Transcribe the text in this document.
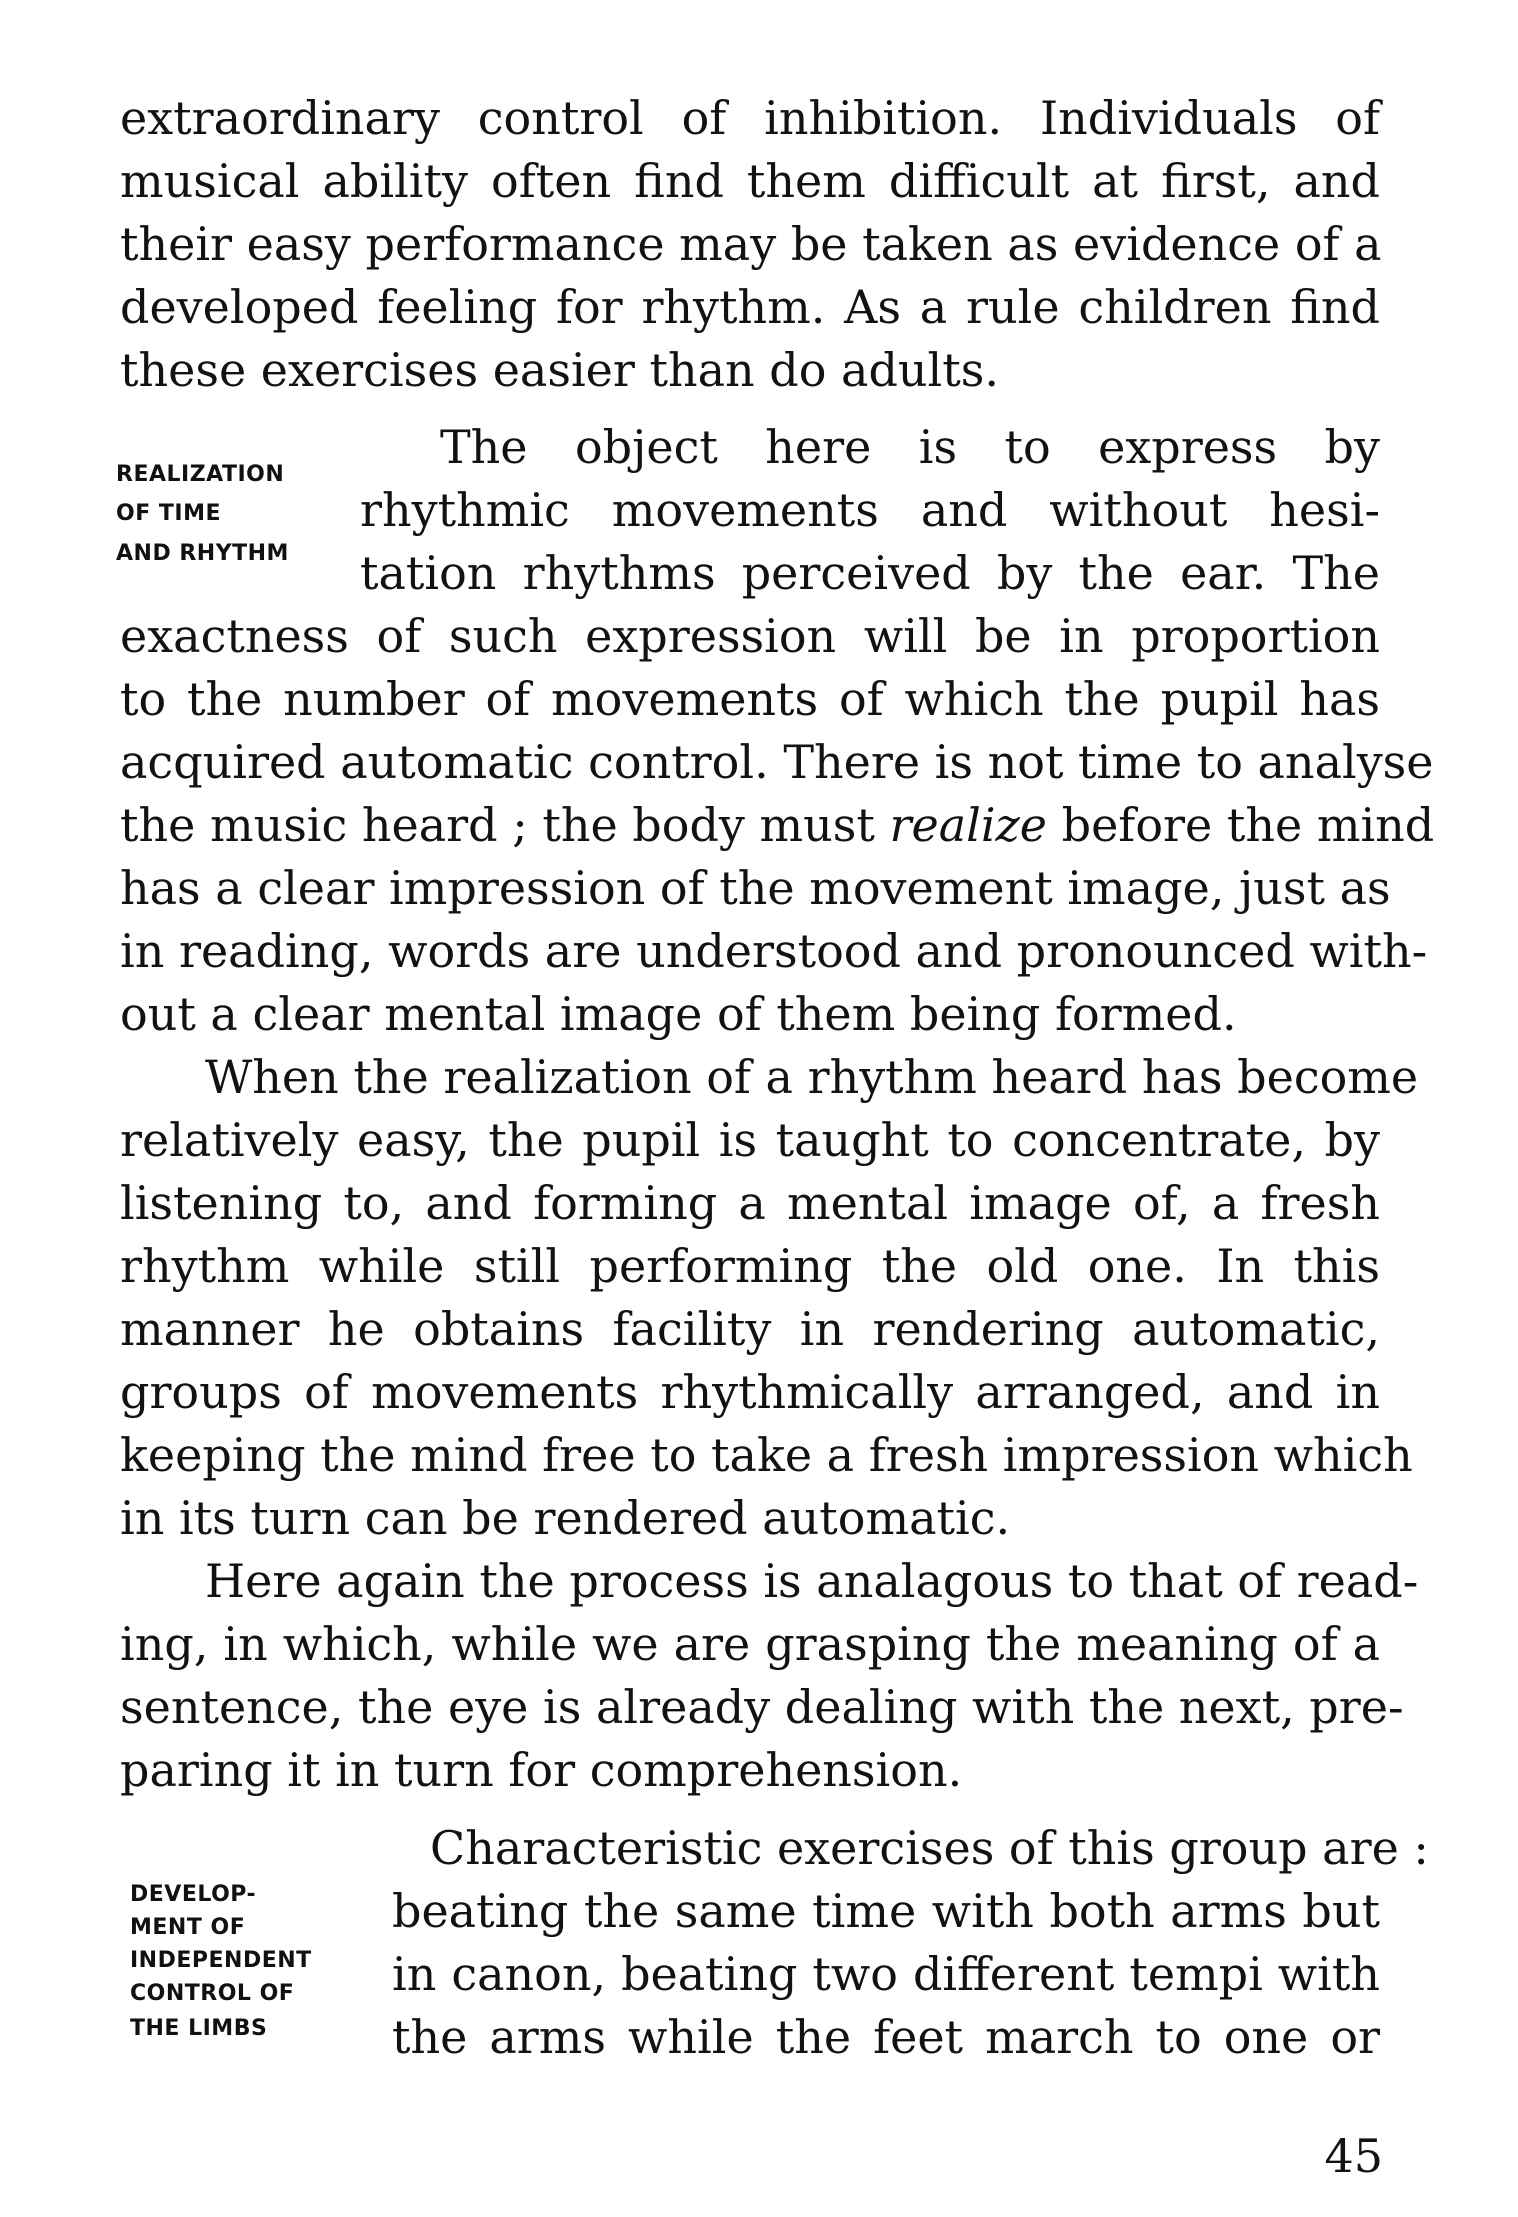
extraordinary control of inhibition. Individuals of
musical ability often find them difficult at first, and
their easy performance may be taken as evidence of a
developed feeling for rhythm. As a rule children find
these exercises easier than do adults.
REALIZATION
OF TIME
AND RHYTHM
The object here is to express by
rhythmic movements and without hesi-
tation rhythms perceived by the ear. The
exactness of such expression will be in proportion
to the number of movements of which the pupil has
acquired automatic control. There is not time to analyse
the music heard ; the body must realize before the mind
has a clear impression of the movement image, just as
in reading, words are understood and pronounced with-
out a clear mental image of them being formed.
When the realization of a rhythm heard has become
relatively easy, the pupil is taught to concentrate, by
listening to, and forming a mental image of, a fresh
rhythm while still performing the old one. In this
manner he obtains facility in rendering automatic,
groups of movements rhythmically arranged, and in
keeping the mind free to take a fresh impression which
in its turn can be rendered automatic.
Here again the process is analagous to that of read-
ing, in which, while we are grasping the meaning of a
sentence, the eye is already dealing with the next, pre-
paring it in turn for comprehension.
DEVELOP-
MENT OF
INDEPENDENT
CONTROL OF
THE LIMBS
Characteristic exercises of this group are :
beating the same time with both arms but
in canon, beating two different tempi with
the arms while the feet march to one or
45
